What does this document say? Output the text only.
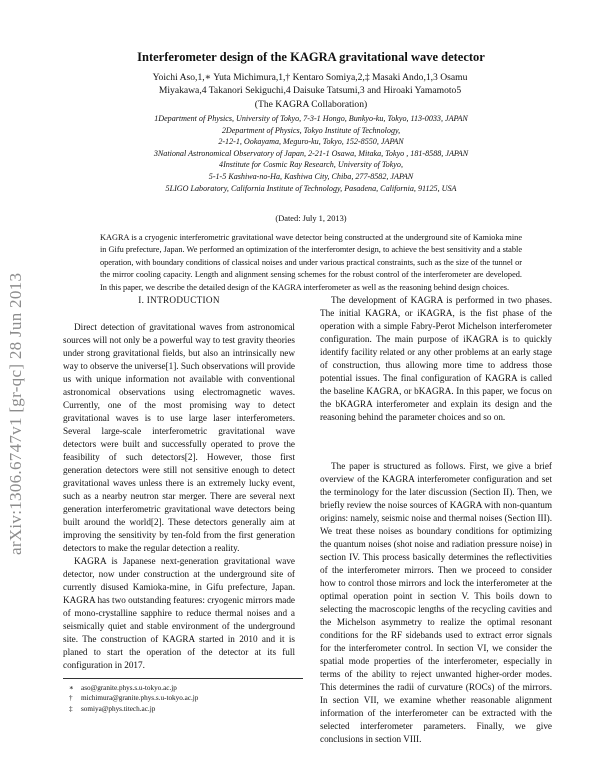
arXiv:1306.6747v1 [gr-qc] 28 Jun 2013
Interferometer design of the KAGRA gravitational wave detector
Yoichi Aso,1,∗ Yuta Michimura,1,† Kentaro Somiya,2,‡ Masaki Ando,1,3 Osamu
Miyakawa,4 Takanori Sekiguchi,4 Daisuke Tatsumi,3 and Hiroaki Yamamoto5
(The KAGRA Collaboration)
1Department of Physics, University of Tokyo, 7-3-1 Hongo, Bunkyo-ku, Tokyo, 113-0033, JAPAN
2Department of Physics, Tokyo Institute of Technology,
2-12-1, Ookayama, Meguro-ku, Tokyo, 152-8550, JAPAN
3National Astronomical Observatory of Japan, 2-21-1 Osawa, Mitaka, Tokyo , 181-8588, JAPAN
4Institute for Cosmic Ray Research, University of Tokyo,
5-1-5 Kashiwa-no-Ha, Kashiwa City, Chiba, 277-8582, JAPAN
5LIGO Laboratory, California Institute of Technology, Pasadena, California, 91125, USA
(Dated: July 1, 2013)
KAGRA is a cryogenic interferometric gravitational wave detector being constructed at the underground site of Kamioka mine in Gifu prefecture, Japan. We performed an optimization of the interferomter design, to achieve the best sensitivity and a stable operation, with boundary conditions of classical noises and under various practical constraints, such as the size of the tunnel or the mirror cooling capacity. Length and alignment sensing schemes for the robust control of the interferometer are developed. In this paper, we describe the detailed design of the KAGRA interferometer as well as the reasoning behind design choices.
I. INTRODUCTION

Direct detection of gravitational waves from astronomical sources will not only be a powerful way to test gravity theories under strong gravitational fields, but also an intrinsically new way to observe the universe[1]. Such observations will provide us with unique information not available with conventional astronomical observations using electromagnetic waves. Currently, one of the most promising way to detect gravitational waves is to use large laser interferometers. Several large-scale interferometric gravitational wave detectors were built and successfully operated to prove the feasibility of such detectors[2]. However, those first generation detectors were still not sensitive enough to detect gravitational waves unless there is an extremely lucky event, such as a nearby neutron star merger. There are several next generation interferometric gravitational wave detectors being built around the world[2]. These detectors generally aim at improving the sensitivity by ten-fold from the first generation detectors to make the regular detection a reality.

KAGRA is Japanese next-generation gravitational wave detector, now under construction at the underground site of currently disused Kamioka-mine, in Gifu prefecture, Japan. KAGRA has two outstanding features: cryogenic mirrors made of mono-crystalline sapphire to reduce thermal noises and a seismically quiet and stable environment of the underground site. The construction of KAGRA started in 2010 and it is planed to start the operation of the detector at its full configuration in 2017.

The development of KAGRA is performed in two phases. The initial KAGRA, or iKAGRA, is the fist phase of the operation with a simple Fabry-Perot Michelson interferometer configuration. The main purpose of iKAGRA is to quickly identify facility related or any other problems at an early stage of construction, thus allowing more time to address those potential issues. The final configuration of KAGRA is called the baseline KAGRA, or bKAGRA. In this paper, we focus on the bKAGRA interferometer and explain its design and the reasoning behind the parameter choices and so on.

The paper is structured as follows. First, we give a brief overview of the KAGRA interferometer configuration and set the terminology for the later discussion (Section II). Then, we briefly review the noise sources of KAGRA with non-quantum origins: namely, seismic noise and thermal noises (Section III). We treat these noises as boundary conditions for optimizing the quantum noises (shot noise and radiation pressure noise) in section IV. This process basically determines the reflectivities of the interferometer mirrors. Then we proceed to consider how to control those mirrors and lock the interferometer at the optimal operation point in section V. This boils down to selecting the macroscopic lengths of the recycling cavities and the Michelson asymmetry to realize the optimal resonant conditions for the RF sidebands used to extract error signals for the interferometer control. In section VI, we consider the spatial mode properties of the interferometer, especially in terms of the ability to reject unwanted higher-order modes. This determines the radii of curvature (ROCs) of the mirrors. In section VII, we examine whether reasonable alignment information of the interferometer can be extracted with the selected interferometer parameters. Finally, we give conclusions in section VIII.

∗ aso@granite.phys.s.u-tokyo.ac.jp
† michimura@granite.phys.s.u-tokyo.ac.jp
‡ somiya@phys.titech.ac.jp
